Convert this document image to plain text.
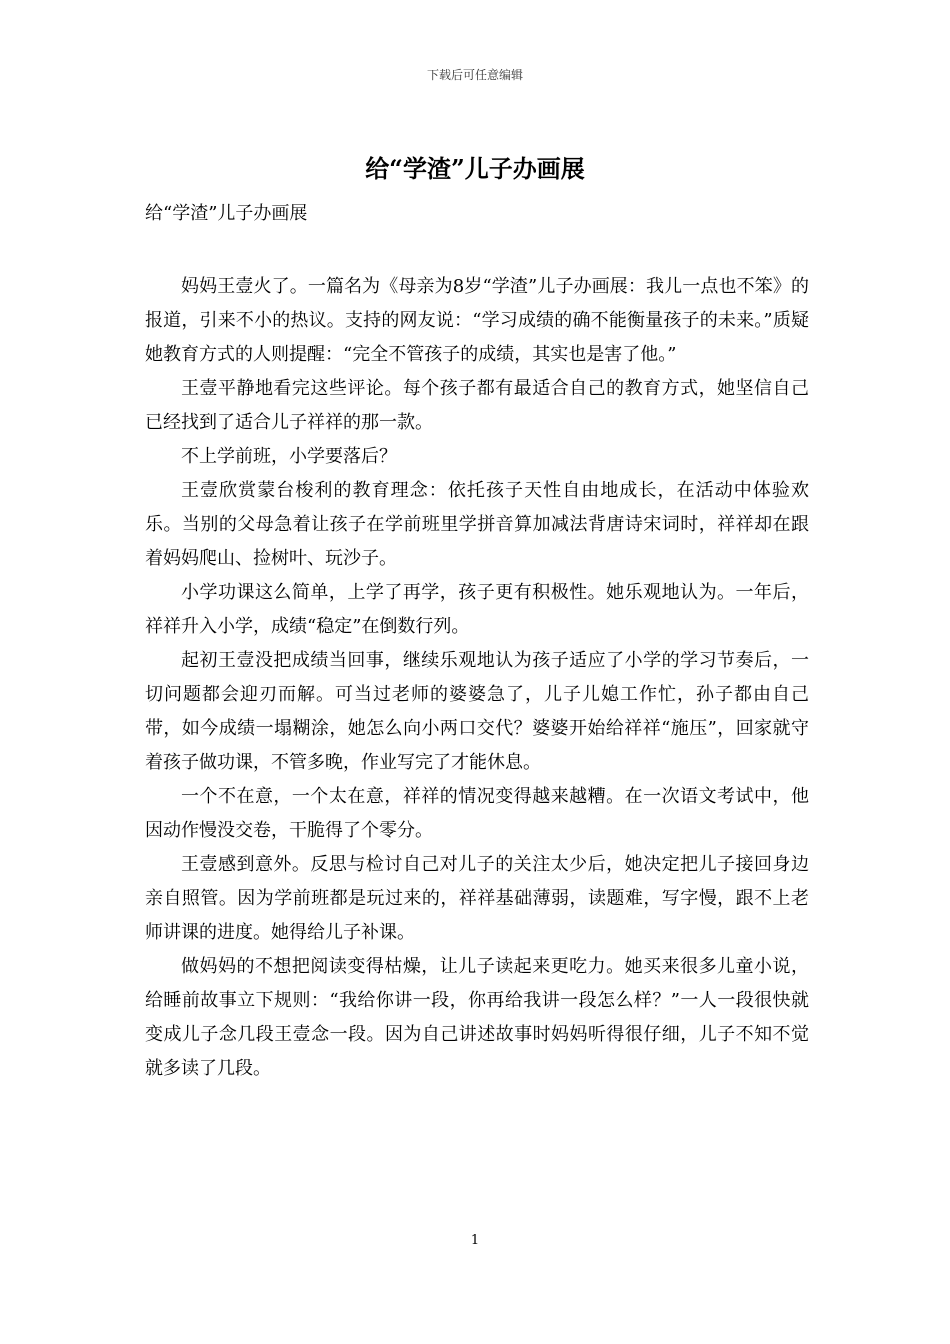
下载后可任意编辑
给“学渣”儿子办画展

给“学渣”儿子办画展

妈妈王壹火了。一篇名为《母亲为8岁“学渣”儿子办画展：我儿一点也不笨》的报道，引来不小的热议。支持的网友说：“学习成绩的确不能衡量孩子的未来。”质疑她教育方式的人则提醒：“完全不管孩子的成绩，其实也是害了他。”

王壹平静地看完这些评论。每个孩子都有最适合自己的教育方式，她坚信自己已经找到了适合儿子祥祥的那一款。

不上学前班，小学要落后？

王壹欣赏蒙台梭利的教育理念：依托孩子天性自由地成长，在活动中体验欢乐。当别的父母急着让孩子在学前班里学拼音算加减法背唐诗宋词时，祥祥却在跟着妈妈爬山、捡树叶、玩沙子。

小学功课这么简单，上学了再学，孩子更有积极性。她乐观地认为。一年后，祥祥升入小学，成绩“稳定”在倒数行列。

起初王壹没把成绩当回事，继续乐观地认为孩子适应了小学的学习节奏后，一切问题都会迎刃而解。可当过老师的婆婆急了，儿子儿媳工作忙，孙子都由自己带，如今成绩一塌糊涂，她怎么向小两口交代？婆婆开始给祥祥“施压”，回家就守着孩子做功课，不管多晚，作业写完了才能休息。

一个不在意，一个太在意，祥祥的情况变得越来越糟。在一次语文考试中，他因动作慢没交卷，干脆得了个零分。

王壹感到意外。反思与检讨自己对儿子的关注太少后，她决定把儿子接回身边亲自照管。因为学前班都是玩过来的，祥祥基础薄弱，读题难，写字慢，跟不上老师讲课的进度。她得给儿子补课。

做妈妈的不想把阅读变得枯燥，让儿子读起来更吃力。她买来很多儿童小说，给睡前故事立下规则：“我给你讲一段，你再给我讲一段怎么样？”一人一段很快就变成儿子念几段王壹念一段。因为自己讲述故事时妈妈听得很仔细，儿子不知不觉就多读了几段。

1
